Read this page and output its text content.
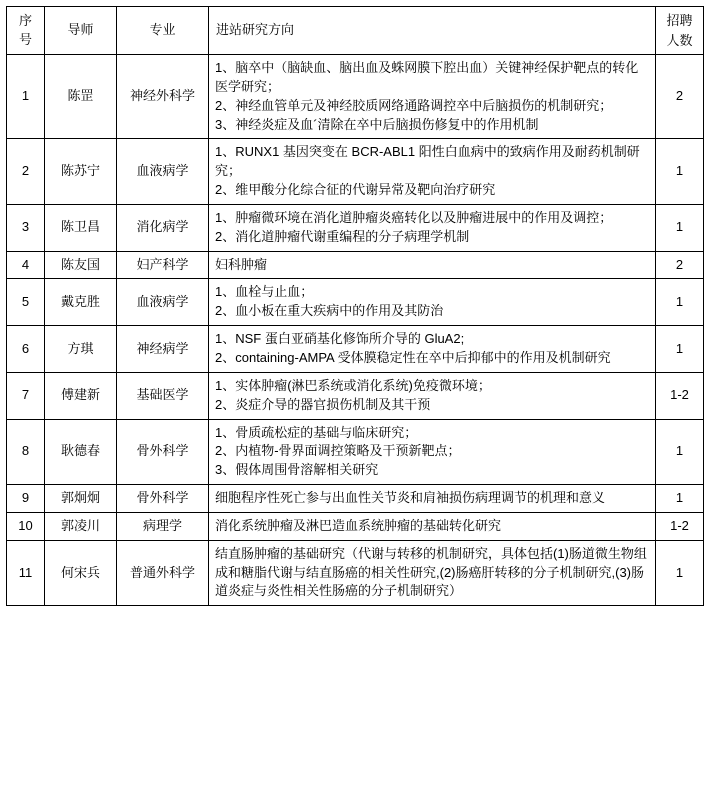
序号	导师	专业	进站研究方向	招聘
人数
1	陈罡	神经外科学	1、脑卒中（脑缺血、脑出血及蛛网膜下腔出血）关键神经保护靶点的转化医学研究；
2、神经血管单元及神经胶质网络通路调控卒中后脑损伤的机制研究；
3、神经炎症及血´清除在卒中后脑损伤修复中的作用机制	2
2	陈苏宁	血液病学	1、RUNX1 基因突变在 BCR-ABL1 阳性白血病中的致病作用及耐药机制研究；
2、维甲酸分化综合征的代谢异常及靶向治疗研究	1
3	陈卫昌	消化病学	1、肿瘤微环境在消化道肿瘤炎癌转化以及肿瘤进展中的作用及调控；
2、消化道肿瘤代谢重编程的分子病理学机制	1
4	陈友国	妇产科学	妇科肿瘤	2
5	戴克胜	血液病学	1、血栓与止血；
2、血小板在重大疾病中的作用及其防治	1
6	方琪	神经病学	1、NSF 蛋白亚硝基化修饰所介导的 GluA2;
2、containing-AMPA 受体膜稳定性在卒中后抑郁中的作用及机制研究	1
7	傅建新	基础医学	1、实体肿瘤(淋巴系统或消化系统)免疫微环境；
2、炎症介导的器官损伤机制及其干预	1-2
8	耿德春	骨外科学	1、骨质疏松症的基础与临床研究；
2、内植物-骨界面调控策略及干预新靶点；
3、假体周围骨溶解相关研究	1
9	郭炯炯	骨外科学	细胞程序性死亡参与出血性关节炎和肩袖损伤病理调节的机理和意义	1
10	郭凌川	病理学	消化系统肿瘤及淋巴造血系统肿瘤的基础转化研究	1-2
11	何宋兵	普通外科学	结直肠肿瘤的基础研究（代谢与转移的机制研究，具体包括(1)肠道微生物组成和糖脂代谢与结直肠癌的相关性研究,(2)肠癌肝转移的分子机制研究,(3)肠道炎症与炎性相关性肠癌的分子机制研究）	1
